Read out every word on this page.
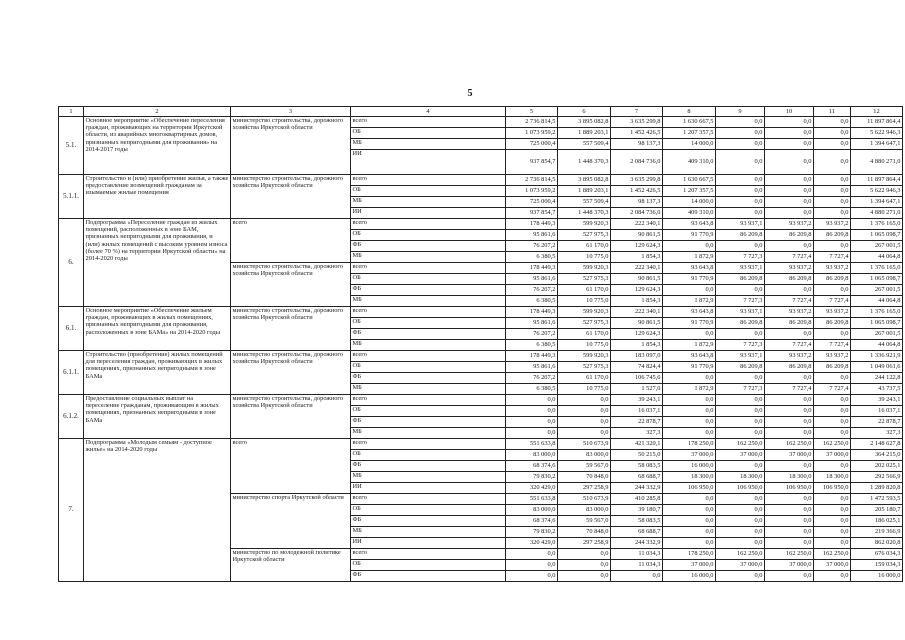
5
1	2	3	4	5	6	7	8	9	10	11	12
5.1.	Основное мероприятие «Обеспечение переселения граждан, проживающих на территории Иркутской области, из аварийных многоквартирных домов, признанных непригодными для проживания» на 2014-2017 годы	министерство строительства, дорожного хозяйства Иркутской области	всего	2 736 814,5	3 895 082,8	3 635 299,8	1 630 667,5	0,0	0,0	0,0	11 897 864,4
			ОБ	1 073 959,2	1 889 203,1	1 452 426,5	1 207 357,5	0,0	0,0	0,0	5 622 946,3
			МБ	725 000,4	557 509,4	98 137,3	14 000,0	0,0	0,0	0,0	1 394 647,1
			ИИ	937 854,7	1 448 370,3	2 084 736,0	409 310,0	0,0	0,0	0,0	4 880 271,0
5.1.1.	Строительство и (или) приобретение жилья, а также предоставление возмещений гражданам за изымаемые жилые помещения	министерство строительства, дорожного хозяйства Иркутской области	всего	2 736 814,5	3 895 082,8	3 635 299,8	1 630 667,5	0,0	0,0	0,0	11 897 864,4
			ОБ	1 073 959,2	1 889 203,1	1 452 426,5	1 207 357,5	0,0	0,0	0,0	5 622 946,3
			МБ	725 000,4	557 509,4	98 137,3	14 000,0	0,0	0,0	0,0	1 394 647,1
			ИИ	937 854,7	1 448 370,3	2 084 736,0	409 310,0	0,0	0,0	0,0	4 880 271,0
6.	Подпрограмма «Переселение граждан из жилых помещений, расположенных в зоне БАМ, признанных непригодными для проживания, и (или) жилых помещений с высоким уровнем износа (более 70 %) на территории Иркутской области» на 2014-2020 годы	всего	всего	178 449,3	599 920,3	222 340,1	93 643,8	93 937,1	93 937,2	93 937,2	1 376 165,0
			ОБ	95 861,6	527 975,3	90 861,5	91 770,9	86 209,8	86 209,8	86 209,8	1 065 098,7
			ФБ	76 207,2	61 170,0	129 624,3	0,0	0,0	0,0	0,0	267 001,5
			МБ	6 380,5	10 775,0	1 854,3	1 872,9	7 727,3	7 727,4	7 727,4	44 064,8
		министерство строительства, дорожного хозяйства Иркутской области	всего	178 449,3	599 920,3	222 340,1	93 643,8	93 937,1	93 937,2	93 937,2	1 376 165,0
			ОБ	95 861,6	527 975,3	90 861,5	91 770,9	86 209,8	86 209,8	86 209,8	1 065 098,7
			ФБ	76 207,2	61 170,0	129 624,3	0,0	0,0	0,0	0,0	267 001,5
			МБ	6 380,5	10 775,0	1 854,3	1 872,9	7 727,3	7 727,4	7 727,4	44 064,8
6.1.	Основное мероприятие «Обеспечение жильем граждан, проживающих в жилых помещениях, признанных непригодными для проживания, расположенных в зоне БАМа» на 2014-2020 годы	министерство строительства, дорожного хозяйства Иркутской области	всего	178 449,3	599 920,3	222 340,1	93 643,8	93 937,1	93 937,2	93 937,2	1 376 165,0
			ОБ	95 861,6	527 975,3	90 861,5	91 770,9	86 209,8	86 209,8	86 209,8	1 065 098,7
			ФБ	76 207,2	61 170,0	129 624,3	0,0	0,0	0,0	0,0	267 001,5
			МБ	6 380,5	10 775,0	1 854,3	1 872,9	7 727,3	7 727,4	7 727,4	44 064,8
6.1.1.	Строительство (приобретение) жилых помещений для переселения граждан, проживающих в жилых помещениях, признанных непригодными в зоне БАМа	министерство строительства, дорожного хозяйства Иркутской области	всего	178 449,3	599 920,3	183 097,0	93 643,8	93 937,1	93 937,2	93 937,2	1 336 921,9
			ОБ	95 861,6	527 975,3	74 824,4	91 770,9	86 209,8	86 209,8	86 209,8	1 049 061,6
			ФБ	76 207,2	61 170,0	106 745,6	0,0	0,0	0,0	0,0	244 122,8
			МБ	6 380,5	10 775,0	1 527,0	1 872,9	7 727,3	7 727,4	7 727,4	43 737,5
6.1.2.	Предоставление социальных выплат на переселение гражданам, проживающим в жилых помещениях, признанных непригодными в зоне БАМа	министерство строительства, дорожного хозяйства Иркутской области	всего	0,0	0,0	39 243,1	0,0	0,0	0,0	0,0	39 243,1
			ОБ	0,0	0,0	16 037,1	0,0	0,0	0,0	0,0	16 037,1
			ФБ	0,0	0,0	22 878,7	0,0	0,0	0,0	0,0	22 878,7
			МБ	0,0	0,0	327,3	0,0	0,0	0,0	0,0	327,3
7.	Подпрограмма «Молодым семьям - доступное жилье» на 2014-2020 годы	всего	всего	551 633,8	510 673,9	421 320,1	178 250,0	162 250,0	162 250,0	162 250,0	2 148 627,8
			ОБ	83 000,0	83 000,0	50 215,0	37 000,0	37 000,0	37 000,0	37 000,0	364 215,0
			ФБ	68 374,6	59 567,0	58 083,5	16 000,0	0,0	0,0	0,0	202 025,1
			МБ	79 830,2	70 848,0	68 688,7	18 300,0	18 300,0	18 300,0	18 300,0	292 566,9
			ИИ	320 429,0	297 258,9	244 332,9	106 950,0	106 950,0	106 950,0	106 950,0	1 289 820,8
		министерство спорта Иркутской области	всего	551 633,8	510 673,9	410 285,8	0,0	0,0	0,0	0,0	1 472 593,5
			ОБ	83 000,0	83 000,0	39 180,7	0,0	0,0	0,0	0,0	205 180,7
			ФБ	68 374,6	59 567,0	58 083,5	0,0	0,0	0,0	0,0	186 025,1
			МБ	79 830,2	70 848,0	68 688,7	0,0	0,0	0,0	0,0	219 366,9
			ИИ	320 429,0	297 258,9	244 332,9	0,0	0,0	0,0	0,0	862 020,8
		министерство по молодежной политике Иркутской области	всего	0,0	0,0	11 034,3	178 250,0	162 250,0	162 250,0	162 250,0	676 034,3
			ОБ	0,0	0,0	11 034,3	37 000,0	37 000,0	37 000,0	37 000,0	159 034,3
			ФБ	0,0	0,0	0,0	16 000,0	0,0	0,0	0,0	16 000,0
